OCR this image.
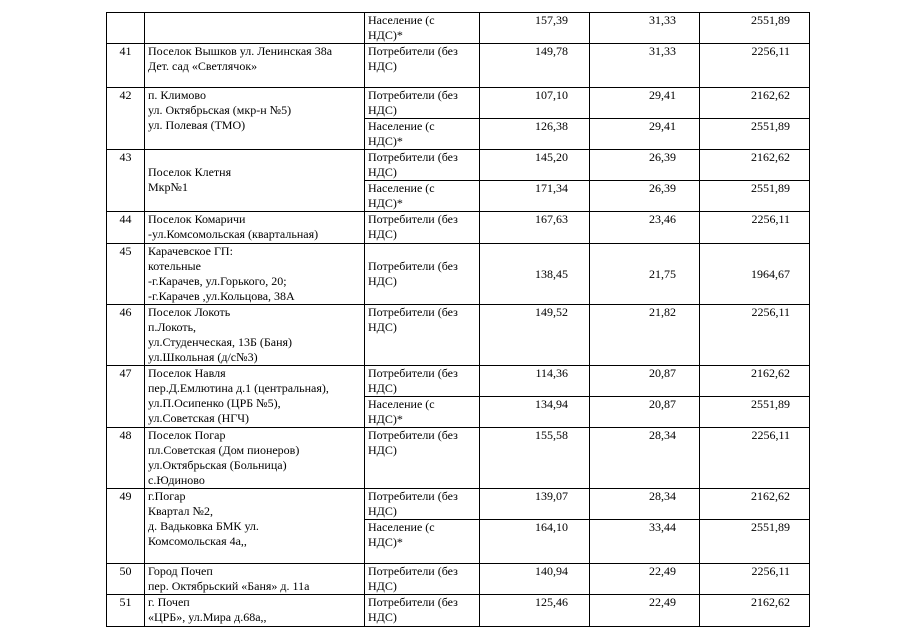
		Население (с
НДС)*	157,39	31,33	2551,89
41	Поселок Вышков ул. Ленинская 38а
Дет. сад «Светлячок»	Потребители (без
НДС)	149,78	31,33	2256,11
42	п. Климово
ул. Октябрьская (мкр-н №5)
ул. Полевая (ТМО)	Потребители (без
НДС)	107,10	29,41	2162,62

		Население (с
НДС)*	126,38	29,41	2551,89
43	Поселок Клетня
Мкр№1	Потребители (без
НДС)	145,20	26,39	2162,62

		Население (с
НДС)*	171,34	26,39	2551,89
44	Поселок Комаричи
-ул.Комсомольская (квартальная)	Потребители (без
НДС)	167,63	23,46	2256,11
45	Карачевское ГП:
котельные
-г.Карачев, ул.Горького, 20;
-г.Карачев ,ул.Кольцова, 38А	Потребители (без
НДС)	138,45	21,75	1964,67
46	Поселок Локоть
п.Локоть,
ул.Студенческая, 13Б (Баня)
ул.Школьная (д/с№3)	Потребители (без
НДС)	149,52	21,82	2256,11
47	Поселок Навля
пер.Д.Емлютина д.1 (центральная),
ул.П.Осипенко (ЦРБ №5),
ул.Советская (НГЧ)	Потребители (без
НДС)	114,36	20,87	2162,62

		Население (с
НДС)*	134,94	20,87	2551,89
48	Поселок Погар
пл.Советская (Дом пионеров)
ул.Октябрьская (Больница)
с.Юдиново	Потребители (без
НДС)	155,58	28,34	2256,11
49	г.Погар
Квартал №2,
д. Вадьковка БМК ул.
Комсомольская 4а,,	Потребители (без
НДС)	139,07	28,34	2162,62

		Население (с
НДС)*	164,10	33,44	2551,89
50	Город Почеп
пер. Октябрьский «Баня» д. 11а	Потребители (без
НДС)	140,94	22,49	2256,11
51	г. Почеп
«ЦРБ», ул.Мира д.68а,,	Потребители (без
НДС)	125,46	22,49	2162,62
